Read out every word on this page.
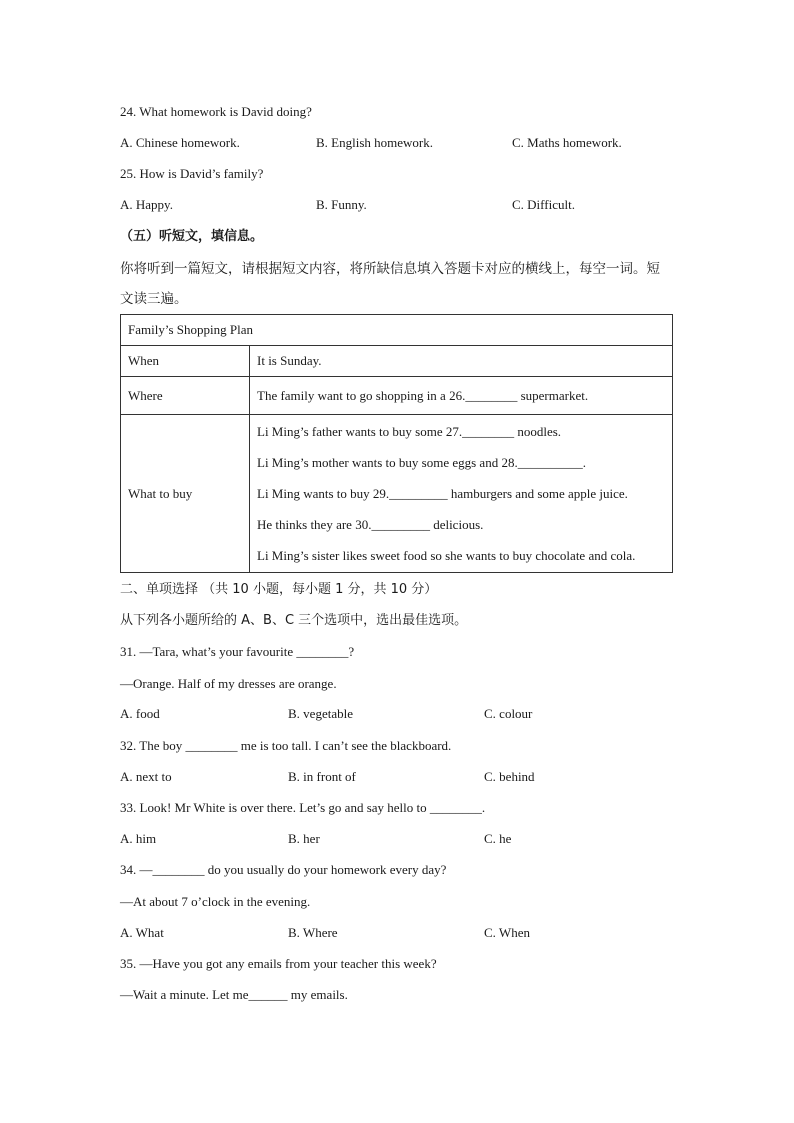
24. What homework is David doing?
A. Chinese homework.	B. English homework.	C. Maths homework.
25. How is David’s family?
A. Happy.	B. Funny.	C. Difficult.
（五）听短文，填信息。
你将听到一篇短文，请根据短文内容，将所缺信息填入答题卡对应的横线上，每空一词。短
文读三遍。
Family’s Shopping Plan	
When	It is Sunday.
Where	The family want to go shopping in a 26.________ supermarket.
What to buy	Li Ming’s father wants to buy some 27.________ noodles.
Li Ming’s mother wants to buy some eggs and 28.__________.
Li Ming wants to buy 29._________ hamburgers and some apple juice.
He thinks they are 30._________ delicious.
Li Ming’s sister likes sweet food so she wants to buy chocolate and cola.
二、单项选择 （共 10 小题，每小题 1 分，共 10 分）
从下列各小题所给的 A、B、C 三个选项中，选出最佳选项。
31. —Tara, what’s your favourite ________?
—Orange. Half of my dresses are orange.
A. food	B. vegetable	C. colour
32. The boy ________ me is too tall. I can’t see the blackboard.
A. next to	B. in front of	C. behind
33. Look! Mr White is over there. Let’s go and say hello to ________.
A. him	B. her	C. he
34. —________ do you usually do your homework every day?
—At about 7 o’clock in the evening.
A. What	B. Where	C. When
35. —Have you got any emails from your teacher this week?
—Wait a minute. Let me______ my emails.
